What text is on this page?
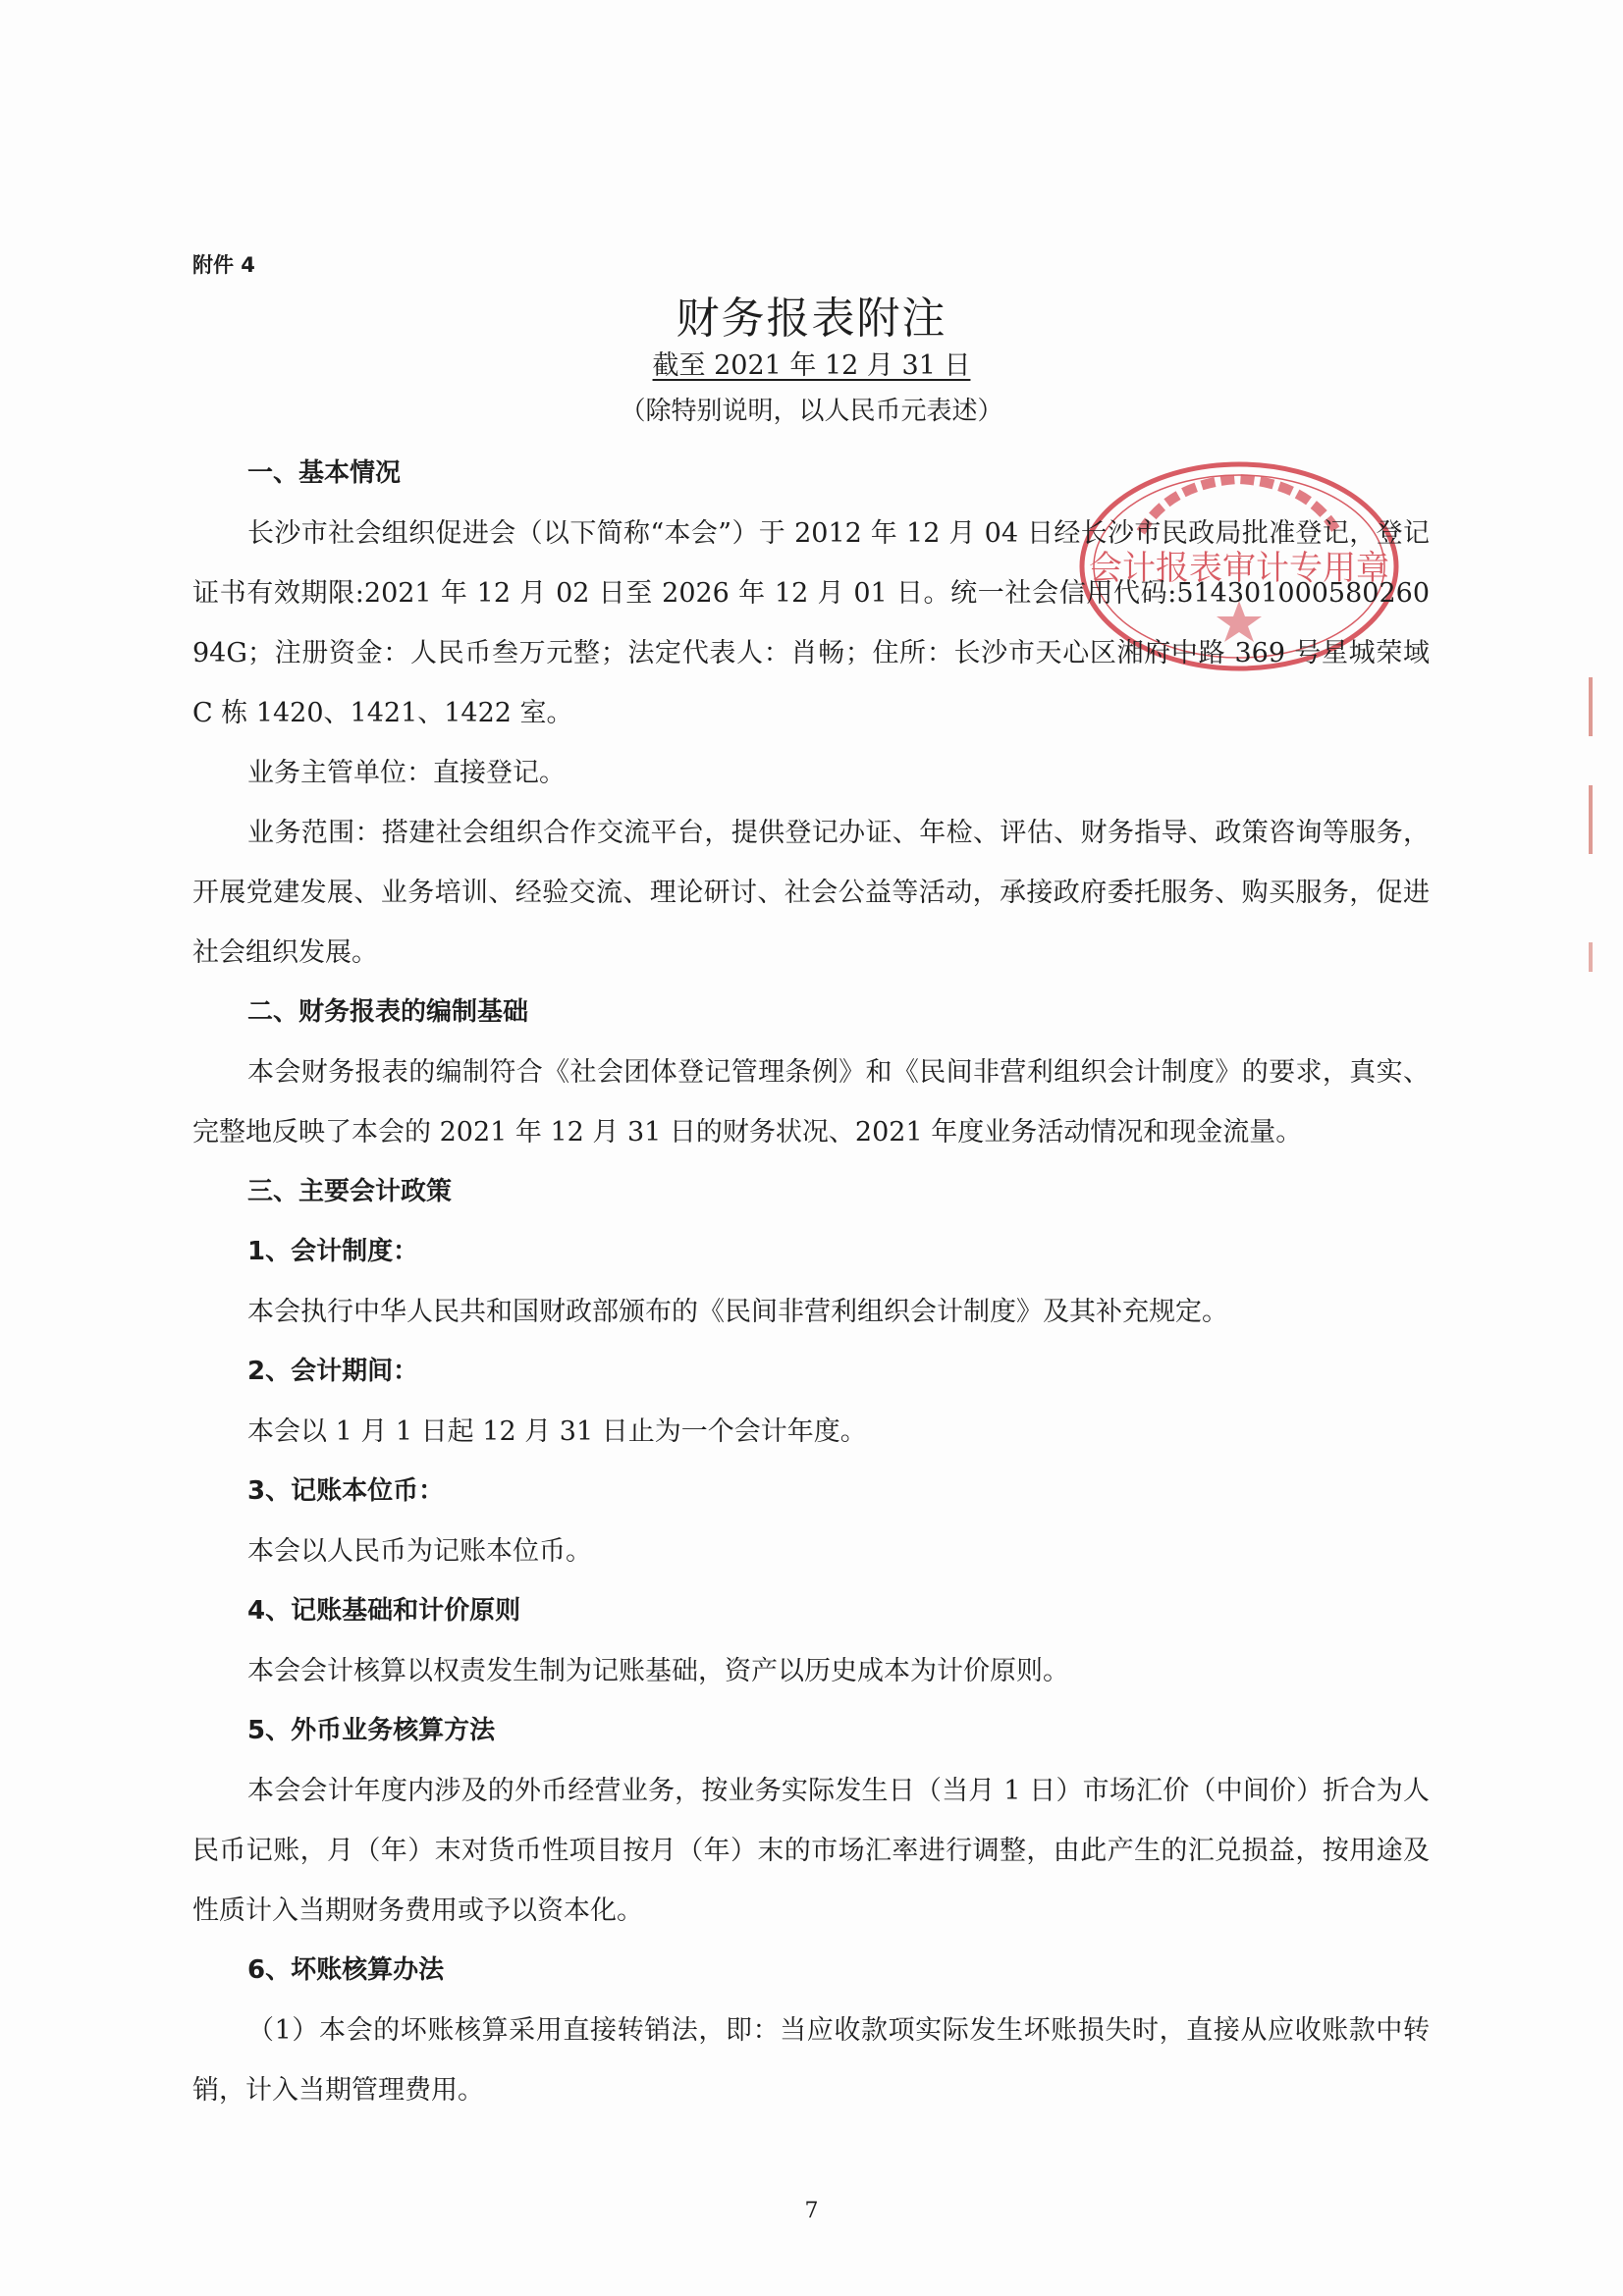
附件 4
财务报表附注
截至 2021 年 12 月 31 日
（除特别说明，以人民币元表述）
会计报表审计专用章

一、基本情况

长沙市社会组织促进会（以下简称“本会”）于 2012 年 12 月 04 日经长沙市民政局批准登记，登记证书有效期限:2021 年 12 月 02 日至 2026 年 12 月 01 日。统一社会信用代码:514301000580260​94G；注册资金：人民币叁万元整；法定代表人：肖畅；住所：长沙市天心区湘府中路 369 号星城荣域 C 栋 1420、1421、1422 室。

业务主管单位：直接登记。

业务范围：搭建社会组织合作交流平台，提供登记办证、年检、评估、财务指导、政策咨询等服务，开展党建发展、业务培训、经验交流、理论研讨、社会公益等活动，承接政府委托服务、购买服务，促进社会组织发展。

二、财务报表的编制基础

本会财务报表的编制符合《社会团体登记管理条例》和《民间非营利组织会计制度》的要求，真实、完整地反映了本会的 2021 年 12 月 31 日的财务状况、2021 年度业务活动情况和现金流量。

三、主要会计政策

1、会计制度：

本会执行中华人民共和国财政部颁布的《民间非营利组织会计制度》及其补充规定。

2、会计期间：

本会以 1 月 1 日起 12 月 31 日止为一个会计年度。

3、记账本位币：

本会以人民币为记账本位币。

4、记账基础和计价原则

本会会计核算以权责发生制为记账基础，资产以历史成本为计价原则。

5、外币业务核算方法

本会会计年度内涉及的外币经营业务，按业务实际发生日（当月 1 日）市场汇价（中间价）折合为人民币记账，月（年）末对货币性项目按月（年）末的市场汇率进行调整，由此产生的汇兑损益，按用途及性质计入当期财务费用或予以资本化。

6、坏账核算办法

（1）本会的坏账核算采用直接转销法，即：当应收款项实际发生坏账损失时，直接从应收账款中转销，计入当期管理费用。

7
